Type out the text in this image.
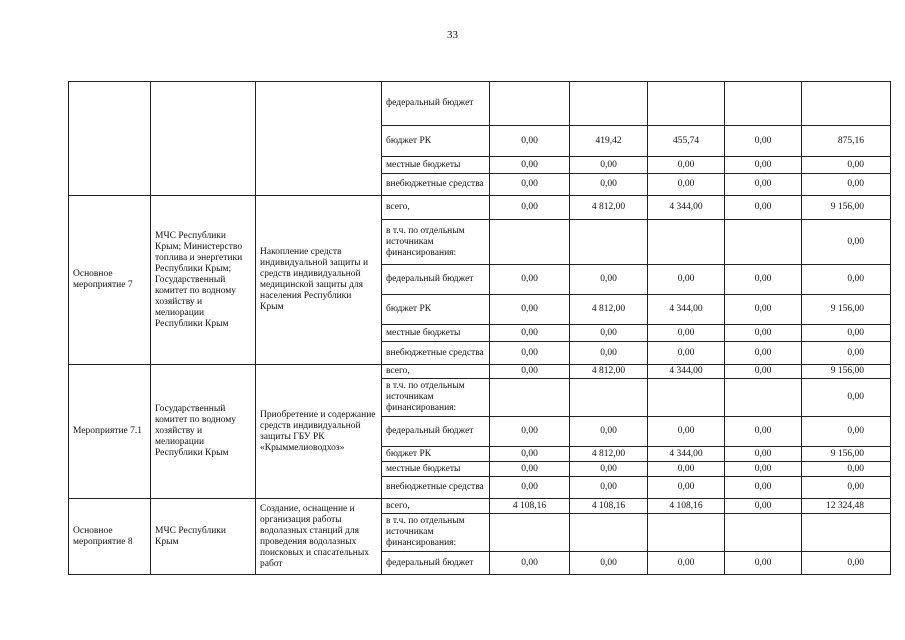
33
			федеральный бюджет					
			бюджет РК	0,00	419,42	455,74	0,00	875,16
			местные бюджеты	0,00	0,00	0,00	0,00	0,00
			внебюджетные средства	0,00	0,00	0,00	0,00	0,00
Основное мероприятие 7	МЧС Республики Крым; Министерство топлива и энергетики Республики Крым; Государственный комитет по водному хозяйству и мелиорации Республики Крым	Накопление средств индивидуальной защиты и средств индивидуальной медицинской защиты для населения Республики Крым	всего,	0,00	4 812,00	4 344,00	0,00	9 156,00
			в т.ч. по отдельным источникам финансирования:					0,00
			федеральный бюджет	0,00	0,00	0,00	0,00	0,00
			бюджет РК	0,00	4 812,00	4 344,00	0,00	9 156,00
			местные бюджеты	0,00	0,00	0,00	0,00	0,00
			внебюджетные средства	0,00	0,00	0,00	0,00	0,00
Мероприятие 7.1	Государственный комитет по водному хозяйству и мелиорации Республики Крым	Приобретение и содержание средств индивидуальной защиты ГБУ РК «Крыммелиоводхоз»	всего,	0,00	4 812,00	4 344,00	0,00	9 156,00
			в т.ч. по отдельным источникам финансирования:					0,00
			федеральный бюджет	0,00	0,00	0,00	0,00	0,00
			бюджет РК	0,00	4 812,00	4 344,00	0,00	9 156,00
			местные бюджеты	0,00	0,00	0,00	0,00	0,00
			внебюджетные средства	0,00	0,00	0,00	0,00	0,00
Основное мероприятие 8	МЧС Республики Крым	Создание, оснащение и организация работы водолазных станций для проведения водолазных поисковых и спасательных работ	всего,	4 108,16	4 108,16	4 108,16	0,00	12 324,48
			в т.ч. по отдельным источникам финансирования:					
			федеральный бюджет	0,00	0,00	0,00	0,00	0,00
